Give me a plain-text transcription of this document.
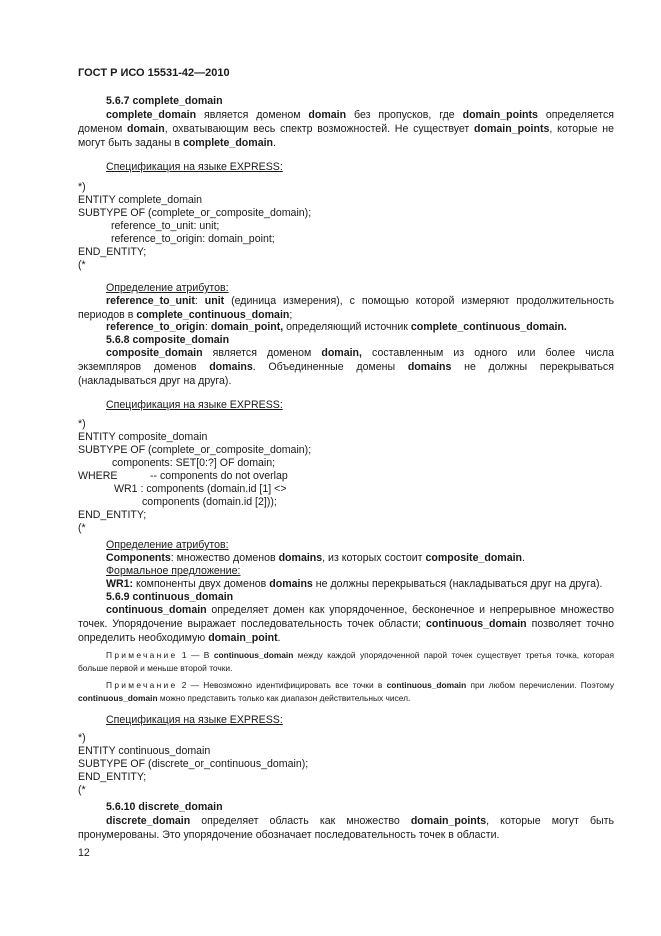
ГОСТ Р ИСО 15531-42—2010
5.6.7 complete_domain
complete_domain является доменом domain без пропусков, где domain_points определяется доменом domain, охватывающим весь спектр возможностей. Не существует domain_points, которые не могут быть заданы в complete_domain.
Спецификация на языке EXPRESS:
*)
ENTITY complete_domain
SUBTYPE OF (complete_or_composite_domain);
reference_to_unit: unit;
reference_to_origin: domain_point;
END_ENTITY;
(*
Определение атрибутов:
reference_to_unit: unit (единица измерения), с помощью которой измеряют продолжительность периодов в complete_continuous_domain;
reference_to_origin: domain_point, определяющий источник complete_continuous_domain.
5.6.8 composite_domain
composite_domain является доменом domain, составленным из одного или более числа экземпляров доменов domains. Объединенные домены domains не должны перекрываться (накладываться друг на друга).
Спецификация на языке EXPRESS:
*)
ENTITY composite_domain
SUBTYPE OF (complete_or_composite_domain);
components: SET[0:?] OF domain;
WHERE	-- components do not overlap
WR1 : components (domain.id [1] <>
components (domain.id [2]));
END_ENTITY;
(*
Определение атрибутов:
Components: множество доменов domains, из которых состоит composite_domain.
Формальное предложение:
WR1: компоненты двух доменов domains не должны перекрываться (накладываться друг на друга).
5.6.9 continuous_domain
continuous_domain определяет домен как упорядоченное, бесконечное и непрерывное множество точек. Упорядочение выражает последовательность точек области; continuous_domain позволяет точно определить необходимую domain_point.
Примечание 1 — В continuous_domain между каждой упорядоченной парой точек существует третья точка, которая больше первой и меньше второй точки.
Примечание 2 — Невозможно идентифицировать все точки в continuous_domain при любом перечислении. Поэтому continuous_domain можно представить только как диапазон действительных чисел.
Спецификация на языке EXPRESS:
*)
ENTITY continuous_domain
SUBTYPE OF (discrete_or_continuous_domain);
END_ENTITY;
(*
5.6.10 discrete_domain
discrete_domain определяет область как множество domain_points, которые могут быть пронумерованы. Это упорядочение обозначает последовательность точек в области.
12
